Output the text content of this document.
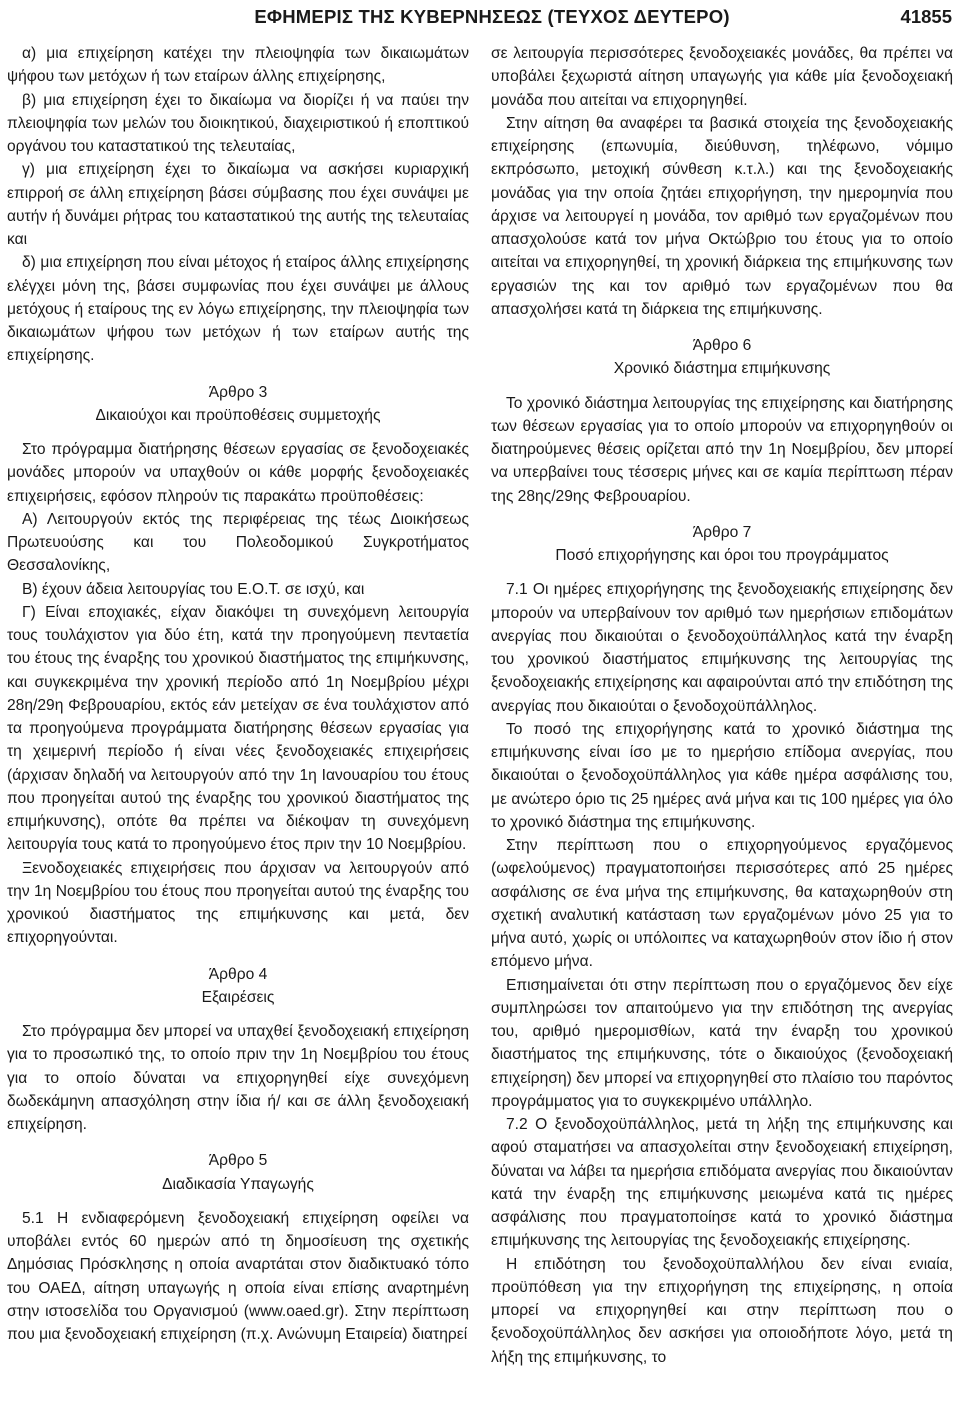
ΕΦΗΜΕΡΙΣ ΤΗΣ ΚΥΒΕΡΝΗΣΕΩΣ (ΤΕΥΧΟΣ ΔΕΥΤΕΡΟ)	41855

α) μια επιχείρηση κατέχει την πλειοψηφία των δικαιωμάτων ψήφου των μετόχων ή των εταίρων άλλης επιχείρησης,

β) μια επιχείρηση έχει το δικαίωμα να διορίζει ή να παύει την πλειοψηφία των μελών του διοικητικού, διαχειριστικού ή εποπτικού οργάνου του καταστατικού της τελευταίας,

γ) μια επιχείρηση έχει το δικαίωμα να ασκήσει κυριαρχική επιρροή σε άλλη επιχείρηση βάσει σύμβασης που έχει συνάψει με αυτήν ή δυνάμει ρήτρας του καταστατικού της αυτής της τελευταίας και

δ) μια επιχείρηση που είναι μέτοχος ή εταίρος άλλης επιχείρησης ελέγχει μόνη της, βάσει συμφωνίας που έχει συνάψει με άλλους μετόχους ή εταίρους της εν λόγω επιχείρησης, την πλειοψηφία των δικαιωμάτων ψήφου των μετόχων ή των εταίρων αυτής της επιχείρησης.

Άρθρο 3
Δικαιούχοι και προϋποθέσεις συμμετοχής

Στο πρόγραμμα διατήρησης θέσεων εργασίας σε ξενοδοχειακές μονάδες μπορούν να υπαχθούν οι κάθε μορφής ξενοδοχειακές επιχειρήσεις, εφόσον πληρούν τις παρακάτω προϋποθέσεις:

Α) Λειτουργούν εκτός της περιφέρειας της τέως Διοικήσεως Πρωτευούσης και του Πολεοδομικού Συγκροτήματος Θεσσαλονίκης,

Β) έχουν άδεια λειτουργίας του Ε.Ο.Τ. σε ισχύ, και

Γ) Είναι εποχιακές, είχαν διακόψει τη συνεχόμενη λειτουργία τους τουλάχιστον για δύο έτη, κατά την προηγούμενη πενταετία του έτους της έναρξης του χρονικού διαστήματος της επιμήκυνσης, και συγκεκριμένα την χρονική περίοδο από 1η Νοεμβρίου μέχρι 28η/29η Φεβρουαρίου, εκτός εάν μετείχαν σε ένα τουλάχιστον από τα προηγούμενα προγράμματα διατήρησης θέσεων εργασίας για τη χειμερινή περίοδο ή είναι νέες ξενοδοχειακές επιχειρήσεις (άρχισαν δηλαδή να λειτουργούν από την 1η Ιανουαρίου του έτους που προηγείται αυτού της έναρξης του χρονικού διαστήματος της επιμήκυνσης), οπότε θα πρέπει να διέκοψαν τη συνεχόμενη λειτουργία τους κατά το προηγούμενο έτος πριν την 10 Νοεμβρίου.

Ξενοδοχειακές επιχειρήσεις που άρχισαν να λειτουργούν από την 1η Νοεμβρίου του έτους που προηγείται αυτού της έναρξης του χρονικού διαστήματος της επιμήκυνσης και μετά, δεν επιχορηγούνται.

Άρθρο 4
Εξαιρέσεις

Στο πρόγραμμα δεν μπορεί να υπαχθεί ξενοδοχειακή επιχείρηση για το προσωπικό της, το οποίο πριν την 1η Νοεμβρίου του έτους για το οποίο δύναται να επιχορηγηθεί είχε συνεχόμενη δωδεκάμηνη απασχόληση στην ίδια ή/ και σε άλλη ξενοδοχειακή επιχείρηση.

Άρθρο 5
Διαδικασία Υπαγωγής

5.1 Η ενδιαφερόμενη ξενοδοχειακή επιχείρηση οφείλει να υποβάλει εντός 60 ημερών από τη δημοσίευση της σχετικής Δημόσιας Πρόσκλησης η οποία αναρτάται στον διαδικτυακό τόπο του ΟΑΕΔ, αίτηση υπαγωγής η οποία είναι επίσης αναρτημένη στην ιστοσελίδα του Οργανισμού (www.oaed.gr). Στην περίπτωση που μια ξενοδοχειακή επιχείρηση (π.χ. Ανώνυμη Εταιρεία) διατηρεί

σε λειτουργία περισσότερες ξενοδοχειακές μονάδες, θα πρέπει να υποβάλει ξεχωριστά αίτηση υπαγωγής για κάθε μία ξενοδοχειακή μονάδα που αιτείται να επιχορηγηθεί.

Στην αίτηση θα αναφέρει τα βασικά στοιχεία της ξενοδοχειακής επιχείρησης (επωνυμία, διεύθυνση, τηλέφωνο, νόμιμο εκπρόσωπο, μετοχική σύνθεση κ.τ.λ.) και της ξενοδοχειακής μονάδας για την οποία ζητάει επιχορήγηση, την ημερομηνία που άρχισε να λειτουργεί η μονάδα, τον αριθμό των εργαζομένων που απασχολούσε κατά τον μήνα Οκτώβριο του έτους για το οποίο αιτείται να επιχορηγηθεί, τη χρονική διάρκεια της επιμήκυνσης των εργασιών της και τον αριθμό των εργαζομένων που θα απασχολήσει κατά τη διάρκεια της επιμήκυνσης.

Άρθρο 6
Χρονικό διάστημα επιμήκυνσης

Το χρονικό διάστημα λειτουργίας της επιχείρησης και διατήρησης των θέσεων εργασίας για το οποίο μπορούν να επιχορηγηθούν οι διατηρούμενες θέσεις ορίζεται από την 1η Νοεμβρίου, δεν μπορεί να υπερβαίνει τους τέσσερις μήνες και σε καμία περίπτωση πέραν της 28ης/29ης Φεβρουαρίου.

Άρθρο 7
Ποσό επιχορήγησης και όροι του προγράμματος

7.1 Οι ημέρες επιχορήγησης της ξενοδοχειακής επιχείρησης δεν μπορούν να υπερβαίνουν τον αριθμό των ημερήσιων επιδομάτων ανεργίας που δικαιούται ο ξενοδοχοϋπάλληλος κατά την έναρξη του χρονικού διαστήματος επιμήκυνσης της λειτουργίας της ξενοδοχειακής επιχείρησης και αφαιρούνται από την επιδότηση της ανεργίας που δικαιούται ο ξενοδοχοϋπάλληλος.

Το ποσό της επιχορήγησης κατά το χρονικό διάστημα της επιμήκυνσης είναι ίσο με το ημερήσιο επίδομα ανεργίας, που δικαιούται ο ξενοδοχοϋπάλληλος για κάθε ημέρα ασφάλισης του, με ανώτερο όριο τις 25 ημέρες ανά μήνα και τις 100 ημέρες για όλο το χρονικό διάστημα της επιμήκυνσης.

Στην περίπτωση που ο επιχορηγούμενος εργαζόμενος (ωφελούμενος) πραγματοποιήσει περισσότερες από 25 ημέρες ασφάλισης σε ένα μήνα της επιμήκυνσης, θα καταχωρηθούν στη σχετική αναλυτική κατάσταση των εργαζομένων μόνο 25 για το μήνα αυτό, χωρίς οι υπόλοιπες να καταχωρηθούν στον ίδιο ή στον επόμενο μήνα.

Επισημαίνεται ότι στην περίπτωση που ο εργαζόμενος δεν είχε συμπληρώσει τον απαιτούμενο για την επιδότηση της ανεργίας του, αριθμό ημερομισθίων, κατά την έναρξη του χρονικού διαστήματος της επιμήκυνσης, τότε ο δικαιούχος (ξενοδοχειακή επιχείρηση) δεν μπορεί να επιχορηγηθεί στο πλαίσιο του παρόντος προγράμματος για το συγκεκριμένο υπάλληλο.

7.2 Ο ξενοδοχοϋπάλληλος, μετά τη λήξη της επιμήκυνσης και αφού σταματήσει να απασχολείται στην ξενοδοχειακή επιχείρηση, δύναται να λάβει τα ημερήσια επιδόματα ανεργίας που δικαιούνταν κατά την έναρξη της επιμήκυνσης μειωμένα κατά τις ημέρες ασφάλισης που πραγματοποίησε κατά το χρονικό διάστημα επιμήκυνσης της λειτουργίας της ξενοδοχειακής επιχείρησης.

Η επιδότηση του ξενοδοχοϋπαλλήλου δεν είναι ενιαία, προϋπόθεση για την επιχορήγηση της επιχείρησης, η οποία μπορεί να επιχορηγηθεί και στην περίπτωση που ο ξενοδοχοϋπάλληλος δεν ασκήσει για οποιοδήποτε λόγο, μετά τη λήξη της επιμήκυνσης, το
